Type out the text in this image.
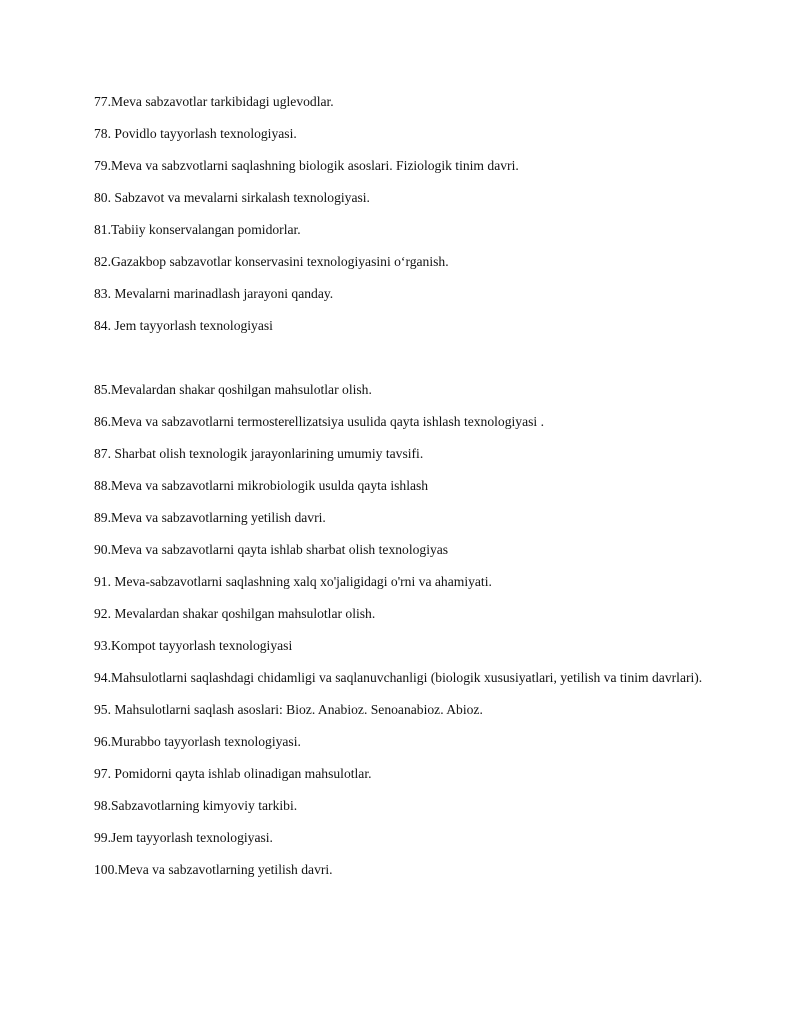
77.Meva sabzavotlar tarkibidagi uglevodlar.
78. Povidlo tayyorlash texnologiyasi.
79.Meva va sabzvotlarni saqlashning biologik asoslari. Fiziologik tinim davri.
80. Sabzavot va mevalarni sirkalash texnologiyasi.
81.Tabiiy konservalangan pomidorlar.
82.Gazakbop sabzavotlar konservasini texnologiyasini o‘rganish.
83. Mevalarni marinadlash jarayoni qanday.
84. Jem tayyorlash texnologiyasi
85.Mevalardan shakar qoshilgan mahsulotlar olish.
86.Meva va sabzavotlarni termosterellizatsiya usulida qayta ishlash texnologiyasi .
87. Sharbat olish texnologik jarayonlarining umumiy tavsifi.
88.Meva va sabzavotlarni mikrobiologik usulda qayta ishlash
89.Meva va sabzavotlarning yetilish davri.
90.Meva va sabzavotlarni qayta ishlab sharbat olish texnologiyas
91. Meva-sabzavotlarni saqlashning xalq xo'jaligidagi o'rni va ahamiyati.
92. Mevalardan shakar qoshilgan mahsulotlar olish.
93.Kompot tayyorlash texnologiyasi
94.Mahsulotlarni saqlashdagi chidamligi va saqlanuvchanligi (biologik xususiyatlari, yetilish va tinim davrlari).
95. Mahsulotlarni saqlash asoslari: Bioz. Anabioz. Senoanabioz. Abioz.
96.Murabbo tayyorlash texnologiyasi.
97. Pomidorni qayta ishlab olinadigan mahsulotlar.
98.Sabzavotlarning kimyoviy tarkibi.
99.Jem tayyorlash texnologiyasi.
100.Meva va sabzavotlarning yetilish davri.
